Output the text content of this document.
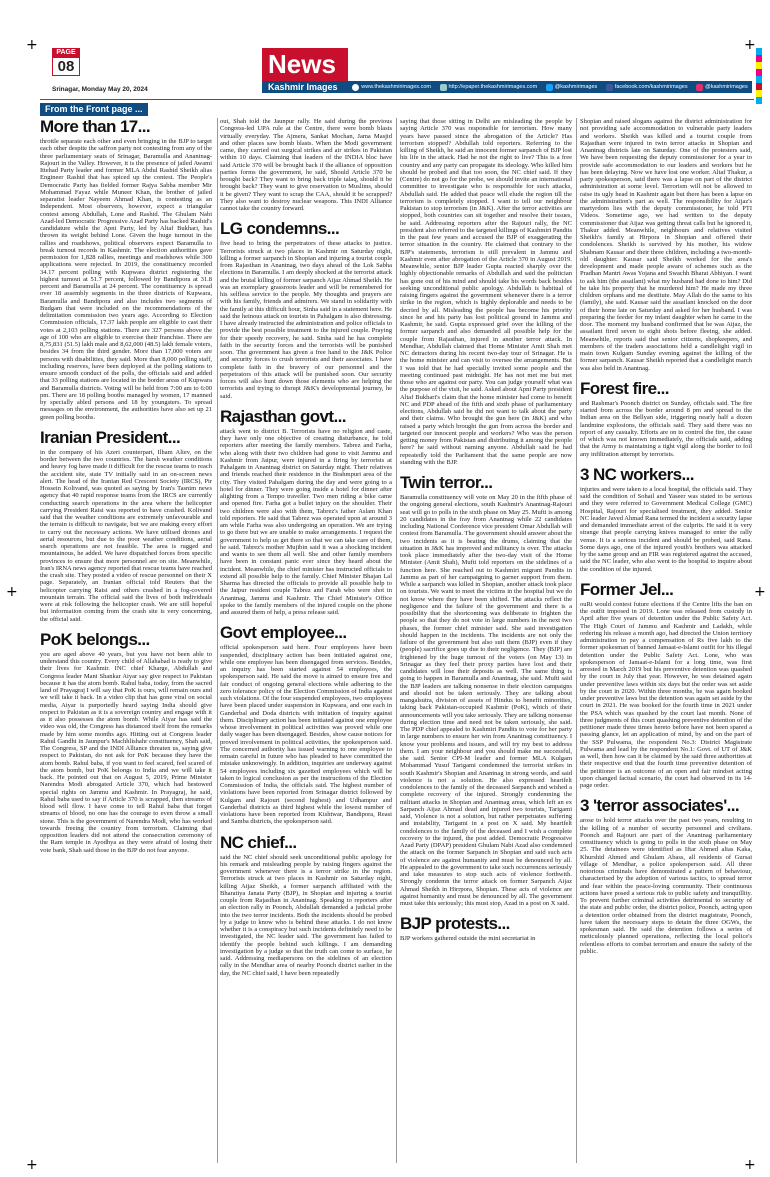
+	+
+	+
+	+
PAGE
08
Srinagar, Monday May 20, 2024
News
Kashmir Images	www.thekashmirimages.com	http://epaper.thekashmirimages.com	@kashmirimages	facebook.com/kashmirimages	@kashmirimages
From the Front page ...
More than 17...
throttle separate each other and even bringing in the BJP to target each other despite the saffron party not contesting from any of the three parliamentary seats of Srinagar, Baramulla and Anantnag-Rajouri in the Valley. However, it is the presence of jailed Awami Ittehad Party leader and former MLA Abdul Rashid Sheikh alias Engineer Rashid that has spiced up the contest. The People's Democratic Party has fielded former Rajya Sabha member Mir Mohammad Fayaz while Muneer Khan, the brother of jailed separatist leader Nayeem Ahmad Khan, is contesting as an Independent. Most observers, however, expect a triangular contest among Abdullah, Lone and Rashid. The Ghulam Nabi Azad-led Democratic Progressive Azad Party has backed Rashid's candidature while the Apni Party, led by Altaf Bukhari, has thrown its weight behind Lone. Given the huge turnout in the rallies and roadshows, political observers expect Baramulla to break turnout records in Kashmir. The election authorities gave permission for 1,828 rallies, meetings and roadshows while 300 applications were rejected. In 2019, the constituency recorded 34.17 percent polling with Kupwara district registering the highest turnout at 51.7 percent, followed by Bandipora at 31.8 percent and Baramulla at 24 percent. The constituency is spread over 18 assembly segments in the three districts of Kupwara, Baramulla and Bandipora and also includes two segments of Budgam that were included on the recommendations of the delimitation commission two years ago. According to Election Commission officials, 17.37 lakh people are eligible to cast their votes at 2,103 polling stations. There are 327 persons above the age of 100 who are eligible to exercise their franchise. There are 8,75,831 (51.5) lakh male and 8,62,000 (48.5) lakh female voters, besides 34 from the third gender. More than 17,000 voters are persons with disabilities, they said. More than 8,000 polling staff, including reserves, have been deployed at the polling stations to ensure smooth conduct of the polls, the officials said and added that 33 polling stations are located in the border areas of Kupwara and Baramulla districts. Voting will be held from 7:00 am to 6:00 pm. There are 18 polling booths managed by women, 17 manned by specially abled persons and 18 by youngsters. To spread messages on the environment, the authorities have also set up 21 green polling booths.
Iranian President...
in the company of his Azeri counterpart, Ilham Aliev, on the border between the two countries. The harsh weather conditions and heavy fog have made it difficult for the rescue teams to reach the accident site, state TV initially said in an on-screen news alert. The head of the Iranian Red Crescent Society (IRCS), Pir Hossein Kolivand, was quoted as saying by Iran's Tasnim news agency that 40 rapid response teams from the IRCS are currently conducting search operations in the area where the helicopter carrying President Raisi was reported to have crashed. Kolivand said that the weather conditions are extremely unfavourable and the terrain is difficult to navigate, but we are making every effort to carry out the necessary actions. We have utilised drones and aerial resources, but due to the poor weather conditions, aerial search operations are not feasible. The area is rugged and mountainous, he added. We have dispatched forces from specific provinces to ensure that more personnel are on site. Meanwhile, Iran's IRNA news agency reported that rescue teams have reached the crash site. They posted a video of rescue personnel on their X page. Separately, an Iranian official told Reuters that the helicopter carrying Raisi and others crashed in a fog-covered mountain terrain. The official said the lives of both individuals were at risk following the helicopter crash. We are still hopeful but information coming from the crash site is very concerning, the official said.
PoK belongs...
you are aged above 40 years, but you have not been able to understand this country. Every child of Allahabad is ready to give their lives for Kashmir. INC chief Kharge, Abdullah and Congress leader Mani Shankar Aiyar say give respect to Pakistan because it has the atom bomb. Rahul baba, today, from the sacred land of Prayagraj I will say that PoK is ours, will remain ours and we will take it back. In a video clip that has gone viral on social media, Aiyar is purportedly heard saying India should give respect to Pakistan as it is a sovereign country and engage with it as it also possesses the atom bomb. While Aiyar has said the video was old, the Congress has distanced itself from the remarks made by him some months ago. Hitting out at Congress leader Rahul Gandhi in Jaunpur's Machhlishahr constituency, Shah said, The Congress, SP and the INDI Alliance threaten us, saying give respect to Pakistan, do not ask for PoK because they have the atom bomb. Rahul baba, if you want to feel scared, feel scared of the atom bomb, but PoK belongs to India and we will take it back. He pointed out that on August 5, 2019, Prime Minister Narendra Modi abrogated Article 370, which had bestowed special rights on Jammu and Kashmir. In Prayagraj, he said, Rahul baba used to say if Article 370 is scrapped, then streams of blood will flow. I have come to tell Rahul baba that forget streams of blood, no one has the courage to even throw a small stone. This is the government of Narendra Modi, who has worked towards freeing the country from terrorism. Claiming that opposition leaders did not attend the consecration ceremony of the Ram temple in Ayodhya as they were afraid of losing their vote bank, Shah said those in the BJP do not fear anyone.
out, Shah told the Jaunpur rally. He said during the previous Congress-led UPA rule at the Centre, there were bomb blasts virtually everyday. The Ajmera, Sankat Mochan, Jama Masjid and other places saw bomb blasts. When the Modi government came, they carried out surgical strikes and air strikes in Pakistan within 10 days. Claiming that leaders of the INDIA bloc have said Article 370 will be brought back if the alliance of opposition parties forms the government, he said, Should Article 370 be brought back? They want to bring back triple talaq, should it be brought back? They want to give reservation to Muslims, should it be given? They want to scrap the CAA, should it be scrapped? They also want to destroy nuclear weapons. This INDI Alliance cannot take the country forward.
LG condemns...
five head to bring the perpetrators of these attacks to justice. Terrorists struck at two places in Kashmir on Saturday night, killing a former sarpanch in Shopian and injuring a tourist couple from Rajasthan in Anantnag, two days ahead of the Lok Sabha elections in Baramulla. I am deeply shocked at the terrorist attack and the brutal killing of former sarpanch Aijaz Ahmad Sheikh. He was an exemplary grassroots leader and will be remembered for his selfless service to the people. My thoughts and prayers are with his family, friends and admirers. We stand in solidarity with the family at this difficult hour, Sinha said in a statement here. He said the heinous attack on tourists in Pahalgam is also distressing. I have already instructed the administration and police officials to provide the best possible treatment to the injured couple. Praying for their speedy recovery, he said. Sinha said he has complete faith in the security forces and the terrorists will be punished soon. The government has given a free hand to the J&K Police and security forces to crush terrorists and their associates. I have complete faith in the bravery of our personnel and the perpetrators of this attack will be punished soon. Our security forces will also hunt down those elements who are helping the terrorists and trying to disrupt J&K's developmental journey, he said.
Rajasthan govt...
attack went to district B. Terrorists have no religion and caste, they have only one objective of creating disturbance, he told reporters after meeting the family members. Tabrez and Farha, who along with their two children had gone to visit Jammu and Kashmir from Jaipur, were injured in a firing by terrorists at Pahalgam in Anantnag district on Saturday night. Their relatives and friends reached their residence in the Brahmpuri area of the city. They visited Pahalgam during the day and were going to a hotel for dinner. They were going inside a hotel for dinner after alighting from a Tempo traveller. Two men riding a bike came and opened fire. Farha got a bullet injury on the shoulder. Their two children were also with them, Tabrez's father Aslam Khan told reporters. He said that Tabrez was operated upon at around 3 am while Farha was also undergoing an operation. We are trying to go there but we are unable to make arrangements. I request the government to help us get there so that we can take care of them, he said. Tabrez's mother Mujibin said it was a shocking incident and wants to see them all well. She and other family members have been in constant panic ever since they heard about the incident. Meanwhile, the chief minister has instructed officials to extend all possible help to the family. Chief Minister Bhajan Lal Sharma has directed the officials to provide all possible help to the Jaipur resident couple Tabrez and Farah who were shot in Anantnag, Jammu and Kashmir. The Chief Minister's Office spoke to the family members of the injured couple on the phone and assured them of help, a press release said.
Govt employee...
official spokesperson said here. Four employees have been suspended, disciplinary action has been initiated against one, while one employee has been disengaged from services. Besides, an inquiry has been started against 54 employees, the spokesperson said. He said the move is aimed to ensure free and fair conduct of ongoing general elections while adhering to the zero tolerance policy of the Election Commission of India against such violations. Of the four suspended employees, two employees have been placed under suspension in Kupwara, and one each in Ganderbal and Doda districts with initiation of inquiry against them. Disciplinary action has been initiated against one employee whose involvement in political activities was proved while one daily wager has been disengaged. Besides, show cause notices for proved involvement in political activities, the spokesperson said. The concerned authority has issued warning to one employee to remain careful in future who has pleaded to have committed the mistake unknowingly. In addition, inquiries are underway against 54 employees including six gazetted employees which will be taken to logical conclusion as per the instructions of the Election Commission of India, the officials said. The highest number of violations have been reported from Srinagar district followed by Kulgam and Rajouri (second highest) and Udhampur and Ganderbal districts as third highest while the lowest number of violations have been reported from Kishtwar, Bandipora, Reasi and Samba districts, the spokesperson said.
NC chief...
said the NC chief should seek unconditional public apology for his remark and misleading people by raising fingers against the government whenever there is a terror strike in the region. Terrorists struck at two places in Kashmir on Saturday night, killing Aijaz Sheikh, a former sarpanch affiliated with the Bharatiya Janata Party (BJP), in Shopian and injuring a tourist couple from Rajasthan in Anantnag. Speaking to reporters after an election rally in Poonch, Abdullah demanded a judicial probe into the two terror incidents. Both the incidents should be probed by a judge to know who is behind these attacks. I do not know whether it is a conspiracy but such incidents definitely need to be investigated, the NC leader said. The government has failed to identify the people behind such killings. I am demanding investigation by a judge so that the truth can come to surface, he said. Addressing mediapersons on the sidelines of an election rally in the Mendhar area of nearby Poonch district earlier in the day, the NC chief said, I have been repeatedly
saying that those sitting in Delhi are misleading the people by saying Article 370 was responsible for terrorism. How many years have passed since the abrogation of the Article? Has terrorism stopped? Abdullah told reporters. Referring to the killing of Sheikh, he said an innocent former sarpanch of BJP lost his life in the attack. Had he not the right to live? This is a free country and any party can propagate its ideology. Who killed him should be probed and that too soon, the NC chief said. If they (Centre) do not go for the probe, we should invite an international committee to investigate who is responsible for such attacks, Abdullah said. He added that peace will elude the region till the terrorism is completely stopped. I want to tell our neighbour Pakistan to stop terrorism (in J&K). After the terror activities are stopped, both countries can sit together and resolve their issues, he said. Addressing reporters after the Rajouri rally, the NC president also referred to the targeted killings of Kashmiri Pandits in the past few years and accused the BJP of exaggerating the terror situation in the country. He claimed that contrary to the BJP's statements, terrorism is still prevalent in Jammu and Kashmir even after abrogation of the Article 370 in August 2019. Meanwhile, senior BJP leader Gupta reacted sharply over the highly objectionable remarks of Abdullah and said the politician has gone out of his mind and should take his words back besides seeking unconditional public apology. Abdullah is habitual of raising fingers against the government whenever there is a terror strike in the region, which is highly deplorable and needs to be decried by all. Misleading the people has become his priority since he and his party has lost political ground in Jammu and Kashmir, he said. Gupta expressed grief over the killing of the former sarpanch and also demanded all possible help for the couple from Rajasthan, injured in another terror attack. In Mendhar, Abdullah claimed that Home Minister Amit Shah met NC detractors during his recent two-day tour of Srinagar. He is the home minister and can visit to oversee the arrangements. But I was told that he had specially invited some people and the meeting continued past midnight. He has not met me but met those who are against our party. You can judge yourself what was the purpose of the visit, he said. Asked about Apni Party president Altaf Bukhari's claim that the home minister had come to benefit NC and PDP ahead of the fifth and sixth phase of parliamentary elections, Abdullah said he did not want to talk about the party and their claims. Who brought the gun here (in J&K) and who raised a party which brought the gun from across the border and targeted our innocent people and workers? Who was the person getting money from Pakistan and distributing it among the people here? he said without naming anyone. Abdullah said he had repeatedly told the Parliament that the same people are now standing with the BJP.
Twin terror...
Baramulla constituency will vote on May 20 in the fifth phase of the ongoing general elections, south Kashmir's Anantnag-Rajouri seat will go to polls in the sixth phase on May 25. Mufti is among 20 candidates in the fray from Anantnag while 22 candidates including National Conference vice president Omar Abdullah will contest from Baramulla. The government should answer about the two incidents as it is beating the drums, claiming that the situation in J&K has improved and militancy is over. The attacks took place immediately after the two-day visit of the Home Minister (Amit Shah), Mufti told reporters on the sidelines of a function here. She reached out to Kashmiri migrant Pandits in Jammu as part of her campaigning to garner support from them. While a sarpanch was killed in Shopian, another attack took place on tourists. We want to meet the victims in the hospital but we do not know where they have been shifted. The attacks reflect the negligence and the failure of the government and there is a possibility that the shortcoming was deliberate to frighten the people so that they do not vote in large numbers in the next two phases, the former chief minister said. She said investigation should happen in the incidents. The incidents are not only the failure of the government but also suit them (BJP) even if they (people) sacrifice goes up due to their negligence. They (BJP) are frightened by the huge turnout of the voters (on May 13) in Srinagar as they feel their proxy parties have lost and their candidates will lose their deposits as well. The same thing is going to happen in Baramulla and Anantnag, she said. Mufti said the BJP leaders are talking nonsense in their election campaigns and should not be taken seriously. They are talking about mangalsutra, division of assets of Hindus to benefit minorities, taking back Pakistan-occupied Kashmir (PoK), which of their announcements will you take seriously. They are talking nonsense during election time and need not be taken seriously, she said. The PDP chief appealed to Kashmiri Pandits to vote for her party in large numbers to ensure her win from Anantnag constituency. I know your problems and issues, and will try my best to address them. I am your neighbour and you should make me successful, she said. Senior CPI-M leader and former MLA Kulgam Mohammad Yusuf Tarigami condemned the terrorist strikes in south Kashmir's Shopian and Anantnag in strong words, and said violence is not a solution. He also expressed heartfelt condolences to the family of the deceased Sarpanch and wished a complete recovery of the injured. Strongly condemning the militant attacks in Shopian and Anantnag areas, which left an ex Sarpanch Aijaz Ahmad dead and injured two tourists, Tarigami said, Violence is not a solution, but rather perpetuates suffering and instability, Tarigami in a post on X said. My heartfelt condolences to the family of the deceased and I wish a complete recovery to the injured, the post added. Democratic Progressive Azad Party (DPAP) president Ghulam Nabi Azad also condemned the attack on the former Sarpanch in Shopian and said such acts of violence are against humanity and must be denounced by all. He appealed to the government to take such occurrences seriously and take measures to stop such acts of violence forthwith. Strongly condemn the terror attack on former Sarpanch Aijaz Ahmad Sheikh in Hirrpora, Shopian. These acts of violence are against humanity and must be denounced by all. The government must take this seriously; this must stop, Azad in a post on X said.
BJP protests...
BJP workers gathered outside the mini secretariat in
Shopian and raised slogans against the district administration for not providing safe accommodation to vulnerable party leaders and workers. Sheikh was killed and a tourist couple from Rajasthan were injured in twin terror attacks in Shopian and Anantnag districts late on Saturday. One of the protesters said, We have been requesting the deputy commissioner for a year to provide safe accommodation to our leaders and workers but he has been delaying. Now we have lost one worker. Altaf Thakur, a party spokesperson, said there was a lapse on part of the district administration at some level. Terrorism will not be allowed to raise its ugly head in Kashmir again but there has been a lapse on the administration's part as well. The responsibility for Aijaz's martyrdom lies with the deputy commissioner, he told PTI Videos. Sometime ago, we had written to the deputy commissioner that Aijaz was getting threat calls but he ignored it, Thakur added. Meanwhile, neighbours and relatives visited Sheikh's family at Hirpora in Shopian and offered their condolences. Sheikh is survived by his mother, his widow Shabnam Kausar and their three children, including a two-month-old daughter. Kausar said Sheikh worked for the area's development and made people aware of schemes such as the Pradhan Mantri Awas Yojana and Swachh Bharat Abhiyan. I want to ask him (the assailant) what my husband had done to him? Did he take his property that he murdered him? He made my three children orphans and me destitute. May Allah do the same to his (family), she said. Kausar said the assailant knocked on the door of their home late on Saturday and asked for her husband. I was preparing the feeder for my infant daughter when he came to the door. The moment my husband confirmed that he was Aijaz, the assailant fired seven to eight shots before fleeing, she added. Meanwhile, reports said that senior citizens, shopkeepers, and members of the traders associations held a candlelight vigil in main town Kulgam Sunday evening against the killing of the former sarpanch. Kausar Sheikh reported that a candlelight march was also held in Anantnag.
Forest fire...
and Rashmar's Poonch district on Sunday, officials said. The fire started from across the border around 8 pm and spread to the Indian area on the Bellyan side, triggering nearly half a dozen landmine explosions, the officials said. They said there was no report of any casualty. Efforts are on to control the fire, the cause of which was not known immediately, the officials said, adding that the Army is maintaining a tight vigil along the border to foil any infiltration attempt by terrorists.
3 NC workers...
injuries and were taken to a local hospital, the officials said. They said the condition of Sohail and Yaseer was stated to be serious and they were referred to Government Medical College (GMC) Hospital, Rajouri for specialised treatment, they added. Senior NC leader Javed Ahmad Rana termed the incident a security lapse and demanded immediate arrest of the culprits. He said it is very strange that people carrying knives managed to enter the rally venue. It is a serious incident and should be probed, said Rana. Some days ago, one of the injured youth's brothers was attacked by the same group and an FIR was registered against the accused, said the NC leader, who also went to the hospital to inquire about the condition of the injured.
Former Jel...
ouRt would contest future elections if the Centre lifts the ban on the outfit imposed in 2019. Lone was released from custody in April after five years of detention under the Public Safety Act. The High Court of Jammu and Kashmir and Ladakh, while ordering his release a month ago, had directed the Union territory administration to pay a compensation of Rs five lakh to the former spokesman of banned Jamaat-e-Islami outfit for his illegal detention under the Public Safety Act. Lone, who was spokesperson of Jamaat-e-Islami for a long time, was first arrested in March 2019 but his preventive detention was quashed by the court in July that year. However, he was detained again under preventive laws within six days but the order was set aside by the court in 2020. Within three months, he was again booked under preventive laws but the detention was again set aside by the court in 2021. He was booked for the fourth time in 2021 under the PSA which was quashed by the court last month. None of three judgments of this court quashing preventive detention of the petitioner made three times hereto before have not been spared a passing glance, let an application of mind, by and on the part of the SSP Pulwama, the respondent No.3: District Magistrate Pulwama and lead by the respondent No.1: Govt. of UT of J&K as well, then how can it be claimed by the said three authorities at their respective end that the fourth time preventive detention of the petitioner is an outcome of an open and fair mindset acting upon changed factual scenario, the court had observed in its 14-page order.
3 'terror associates'...
arose to hold terror attacks over the past two years, resulting in the killing of a number of security personnel and civilians. Poonch and Rajouri are part of the Anantnag parliamentary constituency which is going to polls in the sixth phase on May 25. The detainees were identified as Iftar Ahmed alias Kaka, Khurshid Ahmed and Ghulam Abass, all residents of Gursai village of Mendhar, a police spokesperson said. All three notorious criminals have demonstrated a pattern of behaviour, characterised by the adoption of various tactics, to spread terror and fear within the peace-loving community. Their continuous actions have posed a serious risk to public safety and tranquillity. To prevent further criminal activities detrimental to security of the state and public order, the district police, Poonch, acting upon a detention order obtained from the district magistrate, Poonch, have taken the necessary steps to detain the three OGWs, the spokesman said. He said the detention follows a series of meticulously planned operations, reflecting the local police's relentless efforts to combat terrorism and ensure the safety of the public.
